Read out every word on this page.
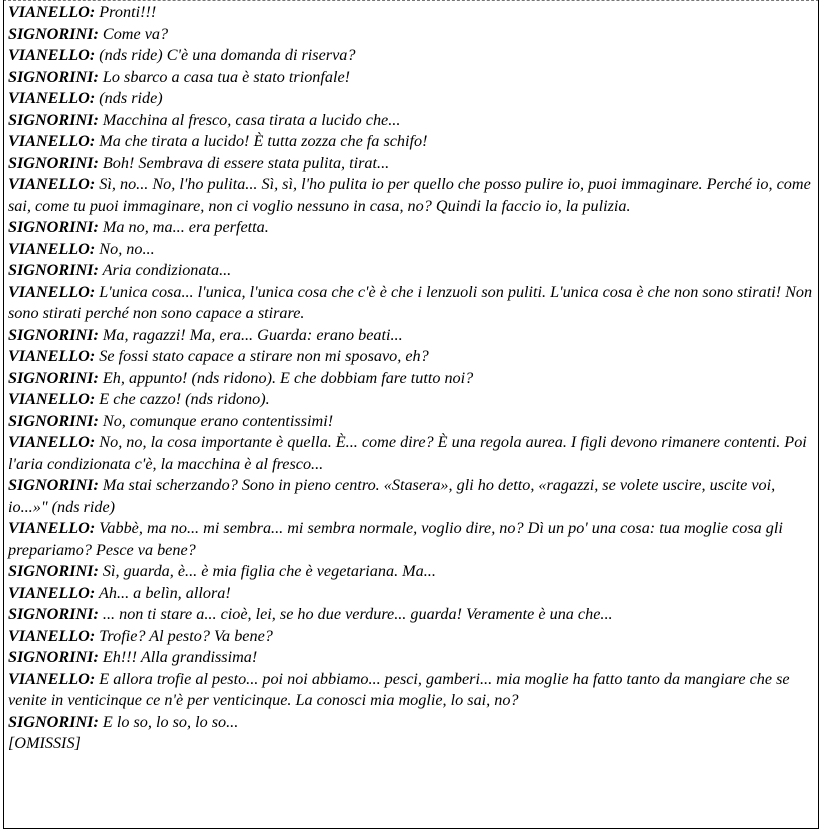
VIANELLO: Pronti!!!

SIGNORINI: Come va?

VIANELLO: (nds ride) C'è una domanda di riserva?

SIGNORINI: Lo sbarco a casa tua è stato trionfale!

VIANELLO: (nds ride)

SIGNORINI: Macchina al fresco, casa tirata a lucido che...

VIANELLO: Ma che tirata a lucido! È tutta zozza che fa schifo!

SIGNORINI: Boh! Sembrava di essere stata pulita, tirat...

VIANELLO: Sì, no... No, l'ho pulita... Sì, sì, l'ho pulita io per quello che posso pulire io, puoi immaginare. Perché io, come sai, come tu puoi immaginare, non ci voglio nessuno in casa, no? Quindi la faccio io, la pulizia.

SIGNORINI: Ma no, ma... era perfetta.

VIANELLO: No, no...

SIGNORINI: Aria condizionata...

VIANELLO: L'unica cosa... l'unica, l'unica cosa che c'è è che i lenzuoli son puliti. L'unica cosa è che non sono stirati! Non sono stirati perché non sono capace a stirare.

SIGNORINI: Ma, ragazzi! Ma, era... Guarda: erano beati...

VIANELLO: Se fossi stato capace a stirare non mi sposavo, eh?

SIGNORINI: Eh, appunto! (nds ridono). E che dobbiam fare tutto noi?

VIANELLO: E che cazzo! (nds ridono).

SIGNORINI: No, comunque erano contentissimi!

VIANELLO: No, no, la cosa importante è quella. È... come dire? È una regola aurea. I figli devono rimanere contenti. Poi l'aria condizionata c'è, la macchina è al fresco...

SIGNORINI: Ma stai scherzando? Sono in pieno centro. «Stasera», gli ho detto, «ragazzi, se volete uscire, uscite voi, io...»" (nds ride)

VIANELLO: Vabbè, ma no... mi sembra... mi sembra normale, voglio dire, no? Dì un po' una cosa: tua moglie cosa gli prepariamo? Pesce va bene?

SIGNORINI: Sì, guarda, è... è mia figlia che è vegetariana. Ma...

VIANELLO: Ah... a belìn, allora!

SIGNORINI: ... non ti stare a... cioè, lei, se ho due verdure... guarda! Veramente è una che...

VIANELLO: Trofie? Al pesto? Va bene?

SIGNORINI: Eh!!! Alla grandissima!

VIANELLO: E allora trofie al pesto... poi noi abbiamo... pesci, gamberi... mia moglie ha fatto tanto da mangiare che se venite in venticinque ce n'è per venticinque. La conosci mia moglie, lo sai, no?

SIGNORINI: E lo so, lo so, lo so...

[OMISSIS]
